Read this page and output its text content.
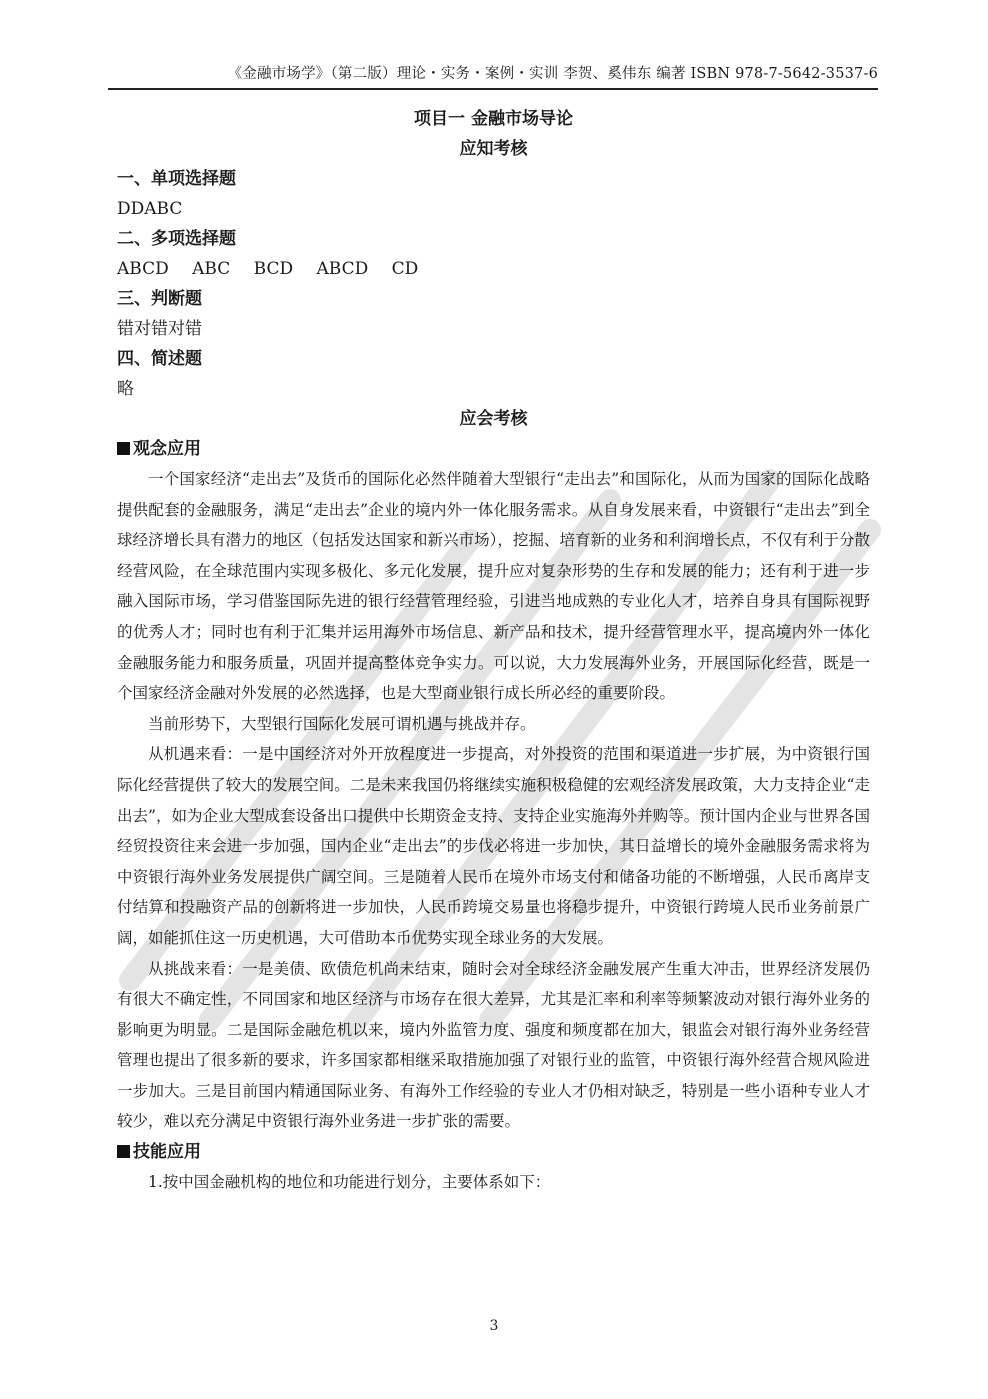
《金融市场学》（第二版）理论・实务・案例・实训 李贺、奚伟东 编著 ISBN 978-7-5642-3537-6
项目一 金融市场导论
应知考核
一、单项选择题
DDABC
二、多项选择题
ABCD ABC BCD ABCD CD
三、判断题
错对错对错
四、简述题
略
应会考核
观念应用

一个国家经济“走出去”及货币的国际化必然伴随着大型银行“走出去”和国际化，从而为国家的国际化战略提供配套的金融服务，满足“走出去”企业的境内外一体化服务需求。从自身发展来看，中资银行“走出去”到全球经济增长具有潜力的地区（包括发达国家和新兴市场），挖掘、培育新的业务和利润增长点，不仅有利于分散经营风险，在全球范围内实现多极化、多元化发展，提升应对复杂形势的生存和发展的能力；还有利于进一步融入国际市场，学习借鉴国际先进的银行经营管理经验，引进当地成熟的专业化人才，培养自身具有国际视野的优秀人才；同时也有利于汇集并运用海外市场信息、新产品和技术，提升经营管理水平，提高境内外一体化金融服务能力和服务质量，巩固并提高整体竞争实力。可以说，大力发展海外业务，开展国际化经营，既是一个国家经济金融对外发展的必然选择，也是大型商业银行成长所必经的重要阶段。

当前形势下，大型银行国际化发展可谓机遇与挑战并存。

从机遇来看：一是中国经济对外开放程度进一步提高，对外投资的范围和渠道进一步扩展，为中资银行国际化经营提供了较大的发展空间。二是未来我国仍将继续实施积极稳健的宏观经济发展政策，大力支持企业“走出去”，如为企业大型成套设备出口提供中长期资金支持、支持企业实施海外并购等。预计国内企业与世界各国经贸投资往来会进一步加强，国内企业“走出去”的步伐必将进一步加快，其日益增长的境外金融服务需求将为中资银行海外业务发展提供广阔空间。三是随着人民币在境外市场支付和储备功能的不断增强，人民币离岸支付结算和投融资产品的创新将进一步加快，人民币跨境交易量也将稳步提升，中资银行跨境人民币业务前景广阔，如能抓住这一历史机遇，大可借助本币优势实现全球业务的大发展。

从挑战来看：一是美债、欧债危机尚未结束，随时会对全球经济金融发展产生重大冲击，世界经济发展仍有很大不确定性，不同国家和地区经济与市场存在很大差异，尤其是汇率和利率等频繁波动对银行海外业务的影响更为明显。二是国际金融危机以来，境内外监管力度、强度和频度都在加大，银监会对银行海外业务经营管理也提出了很多新的要求，许多国家都相继采取措施加强了对银行业的监管，中资银行海外经营合规风险进一步加大。三是目前国内精通国际业务、有海外工作经验的专业人才仍相对缺乏，特别是一些小语种专业人才较少，难以充分满足中资银行海外业务进一步扩张的需要。

技能应用

1.按中国金融机构的地位和功能进行划分，主要体系如下：

3
